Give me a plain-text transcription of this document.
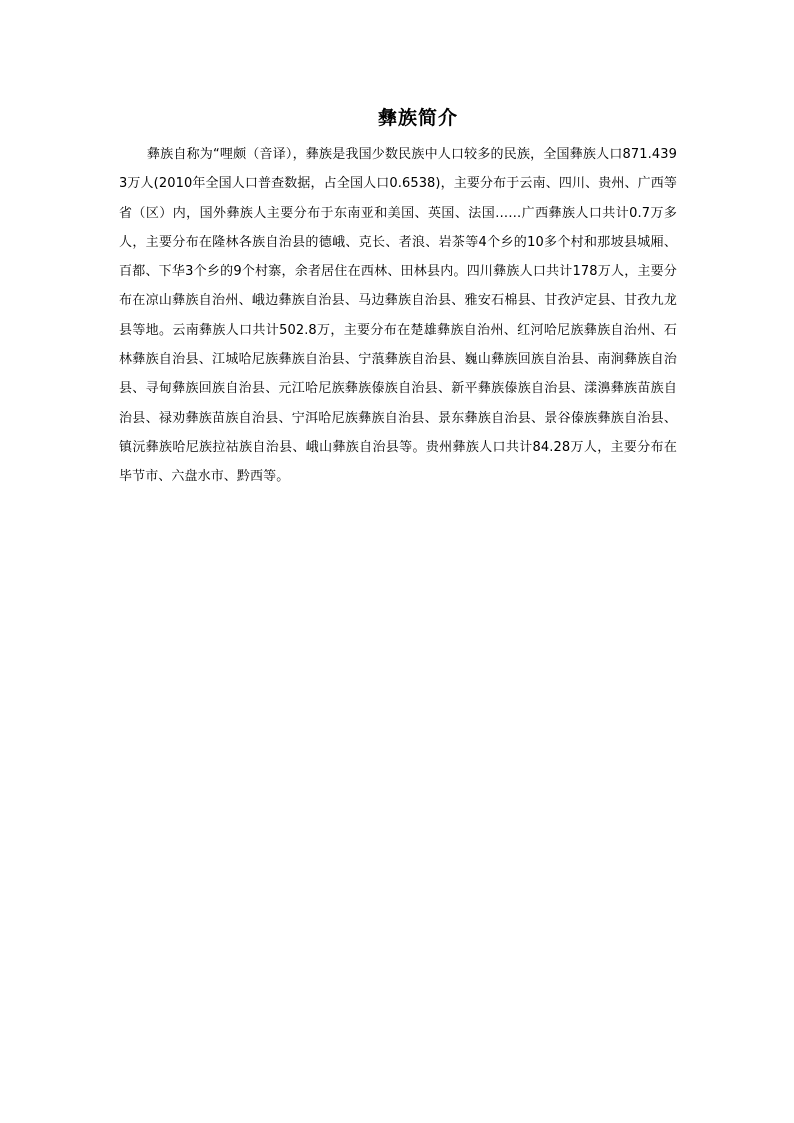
彝族简介

彝族自称为“哩颇（音译），彝族是我国少数民族中人口较多的民族，全国彝族人口871.4393万人(2010年全国人口普查数据，占全国人口0.6538)，主要分布于云南、四川、贵州、广西等省（区）内，国外彝族人主要分布于东南亚和美国、英国、法国……广西彝族人口共计0.7万多人，主要分布在隆林各族自治县的德峨、克长、者浪、岩茶等4个乡的10多个村和那坡县城厢、百都、下华3个乡的9个村寨，余者居住在西林、田林县内。四川彝族人口共计178万人，主要分布在凉山彝族自治州、峨边彝族自治县、马边彝族自治县、雅安石棉县、甘孜泸定县、甘孜九龙县等地。云南彝族人口共计502.8万，主要分布在楚雄彝族自治州、红河哈尼族彝族自治州、石林彝族自治县、江城哈尼族彝族自治县、宁蒗彝族自治县、巍山彝族回族自治县、南涧彝族自治县、寻甸彝族回族自治县、元江哈尼族彝族傣族自治县、新平彝族傣族自治县、漾濞彝族苗族自治县、禄劝彝族苗族自治县、宁洱哈尼族彝族自治县、景东彝族自治县、景谷傣族彝族自治县、镇沅彝族哈尼族拉祜族自治县、峨山彝族自治县等。贵州彝族人口共计84.28万人，主要分布在毕节市、六盘水市、黔西等。
